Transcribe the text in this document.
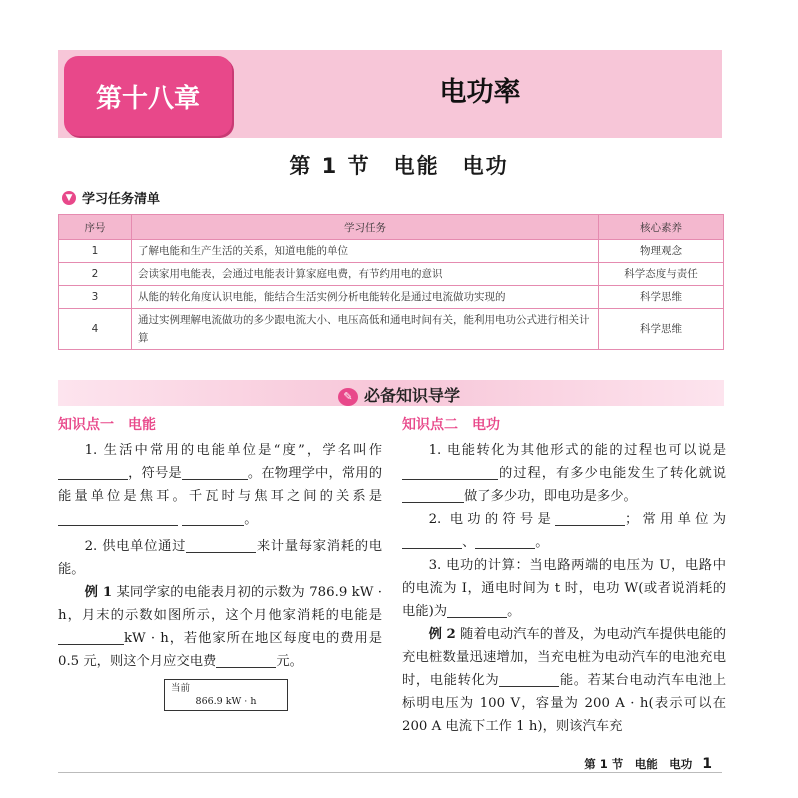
第十八章	电功率
第 1 节　电能　电功
▼ 学习任务清单
序号	学习任务	核心素养
1	了解电能和生产生活的关系，知道电能的单位	物理观念
2	会读家用电能表，会通过电能表计算家庭电费，有节约用电的意识	科学态度与责任
3	从能的转化角度认识电能，能结合生活实例分析电能转化是通过电流做功实现的	科学思维
4	通过实例理解电流做功的多少跟电流大小、电压高低和通电时间有关，能利用电功公式进行相关计算	科学思维
✎ 必备知识导学
知识点一　电能

1. 生活中常用的电能单位是“度”，学名叫作，符号是	。在物理学中，常用的能量单位是焦耳。千瓦时与焦耳之间的关系是 。

2. 供电单位通过	来计量每家消耗的电能。

例 1 某同学家的电能表月初的示数为 786.9 kW · h，月末的示数如图所示，这个月他家消耗的电能是kW · h，若他家所在地区每度电的费用是 0.5 元，则这个月应交电费	元。

当前
866.9 kW · h
知识点二　电功

1. 电能转化为其他形式的能的过程也可以说是的过程，有多少电能发生了转化就说做了多少功，即电功是多少。

2. 电功的符号是	；常用单位为、	。

3. 电功的计算：当电路两端的电压为 U，电路中的电流为 I，通电时间为 t 时，电功 W(或者说消耗的电能)为	。

例 2 随着电动汽车的普及，为电动汽车提供电能的充电桩数量迅速增加，当充电桩为电动汽车的电池充电时，电能转化为	能。若某台电动汽车电池上标明电压为 100 V，容量为 200 A · h(表示可以在 200 A 电流下工作 1 h)，则该汽车充

第 1 节　电能　电功 1
